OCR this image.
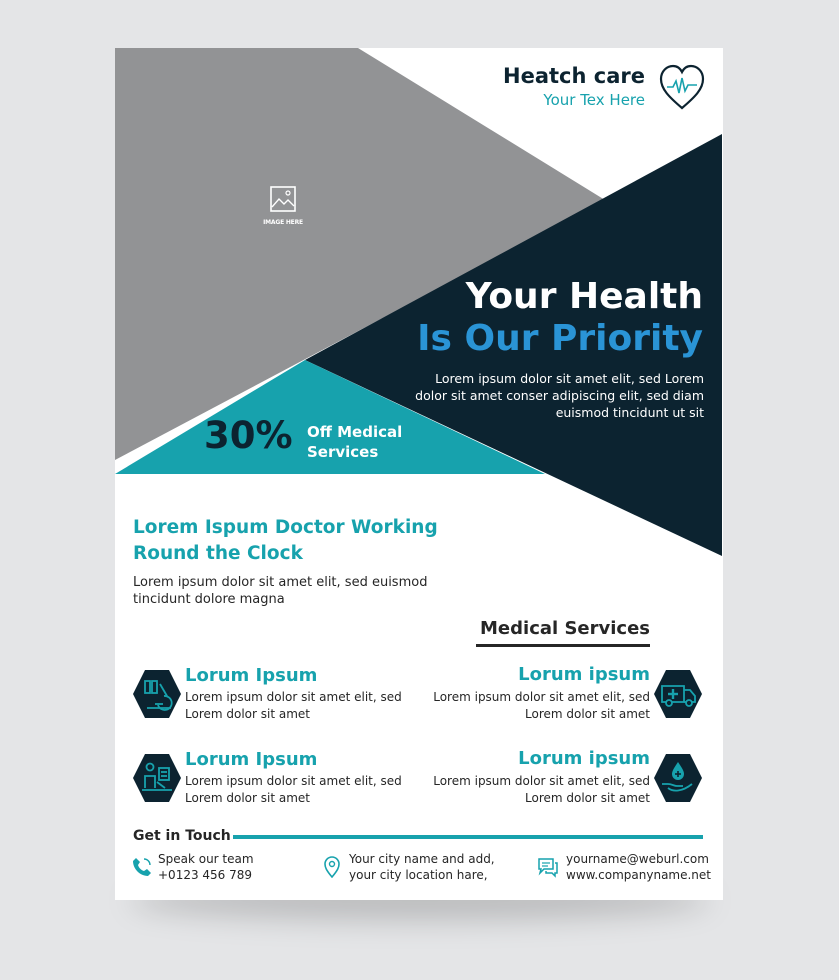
Heatch care
Your Tex Here
IMAGE HERE
Your Health
Is Our Priority
Lorem ipsum dolor sit amet elit, sed Lorem dolor sit amet conser adipiscing elit, sed diam euismod tincidunt ut sit
30% Off Medical Services
Lorem Ispum Doctor Working Round the Clock
Lorem ipsum dolor sit amet elit, sed euismod tincidunt dolore magna
Medical Services
Lorum Ipsum
Lorem ipsum dolor sit amet elit, sed
Lorem dolor sit amet
Lorum ipsum
Lorem ipsum dolor sit amet elit, sed
Lorem dolor sit amet
Lorum Ipsum
Lorem ipsum dolor sit amet elit, sed
Lorem dolor sit amet
Lorum ipsum
Lorem ipsum dolor sit amet elit, sed
Lorem dolor sit amet
Get in Touch
Speak our team
+0123 456 789
Your city name and add,
your city location hare,
yourname@weburl.com
www.companyname.net
